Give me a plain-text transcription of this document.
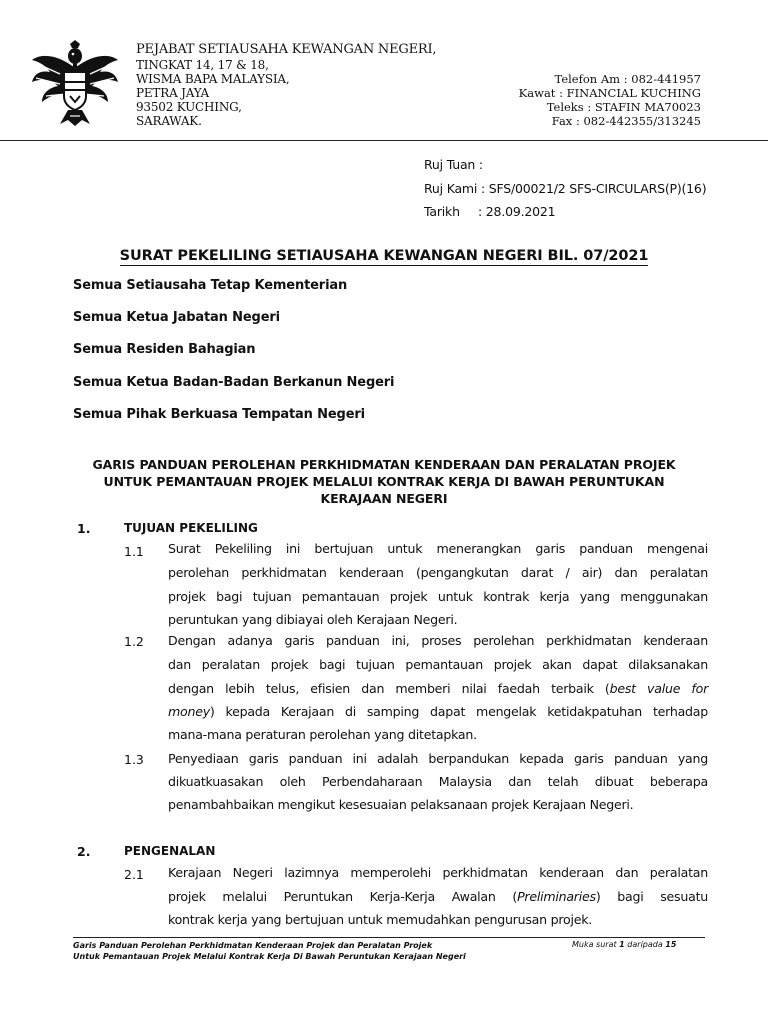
PEJABAT SETIAUSAHA KEWANGAN NEGERI,
TINGKAT 14, 17 & 18,
WISMA BAPA MALAYSIA,
PETRA JAYA
93502 KUCHING,
SARAWAK.
Telefon Am : 082-441957
Kawat : FINANCIAL KUCHING
Teleks : STAFIN MA70023
Fax : 082-442355/313245
Ruj Tuan :
Ruj Kami : SFS/00021/2 SFS-CIRCULARS(P)(16)
Tarikh : 28.09.2021
SURAT PEKELILING SETIAUSAHA KEWANGAN NEGERI BIL. 07/2021
Semua Setiausaha Tetap Kementerian
Semua Ketua Jabatan Negeri
Semua Residen Bahagian
Semua Ketua Badan-Badan Berkanun Negeri
Semua Pihak Berkuasa Tempatan Negeri
GARIS PANDUAN PEROLEHAN PERKHIDMATAN KENDERAAN DAN PERALATAN PROJEK
UNTUK PEMANTAUAN PROJEK MELALUI KONTRAK KERJA DI BAWAH PERUNTUKAN
KERAJAAN NEGERI
1.	TUJUAN PEKELILING
1.1 Surat Pekeliling ini bertujuan untuk menerangkan garis panduan mengenai
perolehan perkhidmatan kenderaan (pengangkutan darat / air) dan peralatan
projek bagi tujuan pemantauan projek untuk kontrak kerja yang menggunakan
peruntukan yang dibiayai oleh Kerajaan Negeri.
1.2 Dengan adanya garis panduan ini, proses perolehan perkhidmatan kenderaan
dan peralatan projek bagi tujuan pemantauan projek akan dapat dilaksanakan
dengan lebih telus, efisien dan memberi nilai faedah terbaik (best value for
money) kepada Kerajaan di samping dapat mengelak ketidakpatuhan terhadap
mana-mana peraturan perolehan yang ditetapkan.
1.3 Penyediaan garis panduan ini adalah berpandukan kepada garis panduan yang
dikuatkuasakan oleh Perbendaharaan Malaysia dan telah dibuat beberapa
penambahbaikan mengikut kesesuaian pelaksanaan projek Kerajaan Negeri.
2.	PENGENALAN
2.1 Kerajaan Negeri lazimnya memperolehi perkhidmatan kenderaan dan peralatan
projek melalui Peruntukan Kerja-Kerja Awalan (Preliminaries) bagi sesuatu
kontrak kerja yang bertujuan untuk memudahkan pengurusan projek.
Garis Panduan Perolehan Perkhidmatan Kenderaan Projek dan Peralatan Projek
Untuk Pemantauan Projek Melalui Kontrak Kerja Di Bawah Peruntukan Kerajaan Negeri
Muka surat 1 daripada 15
